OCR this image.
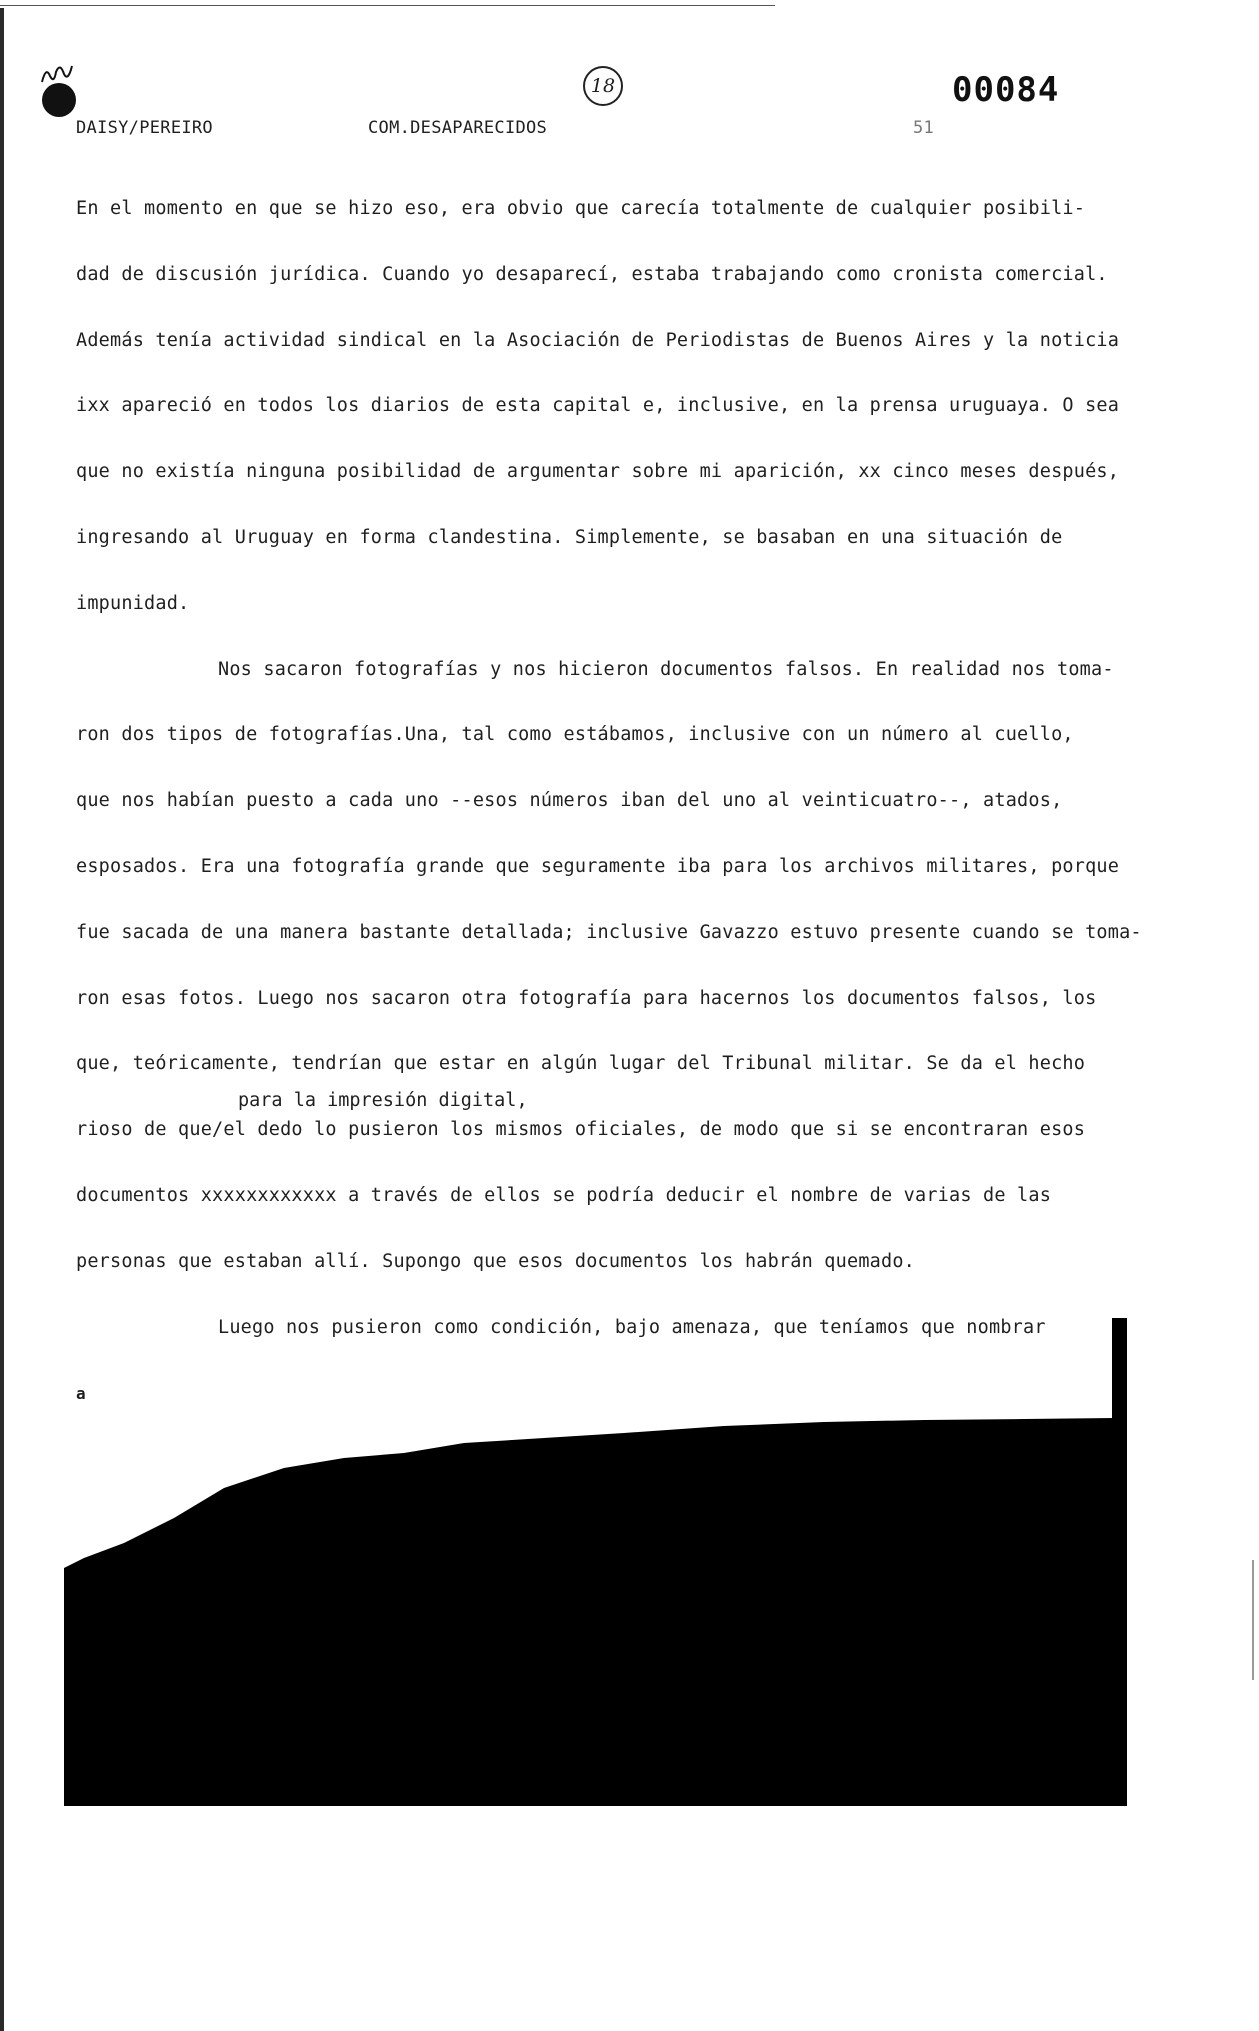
DAISY/PEREIRO	COM.DESAPARECIDOS	51
18	00084
En el momento en que se hizo eso, era obvio que carecía totalmente de cualquier posibili-
dad de discusión jurídica. Cuando yo desaparecí, estaba trabajando como cronista comercial.
Además tenía actividad sindical en la Asociación de Periodistas de Buenos Aires y la noticia
ixx apareció en todos los diarios de esta capital e, inclusive, en la prensa uruguaya. O sea
que no existía ninguna posibilidad de argumentar sobre mi aparición, xx cinco meses después,
ingresando al Uruguay en forma clandestina. Simplemente, se basaban en una situación de
impunidad.
Nos sacaron fotografías y nos hicieron documentos falsos. En realidad nos toma-
ron dos tipos de fotografías.Una, tal como estábamos, inclusive con un número al cuello,
que nos habían puesto a cada uno --esos números iban del uno al veinticuatro--, atados,
esposados. Era una fotografía grande que seguramente iba para los archivos militares, porque
fue sacada de una manera bastante detallada; inclusive Gavazzo estuvo presente cuando se toma-
ron esas fotos. Luego nos sacaron otra fotografía para hacernos los documentos falsos, los
que, teóricamente, tendrían que estar en algún lugar del Tribunal militar. Se da el hecho
para la impresión digital,
rioso de que/el dedo lo pusieron los mismos oficiales, de modo que si se encontraran esos
documentos xxxxxxxxxxxx a través de ellos se podría deducir el nombre de varias de las
personas que estaban allí. Supongo que esos documentos los habrán quemado.
Luego nos pusieron como condición, bajo amenaza, que teníamos que nombrar
a
